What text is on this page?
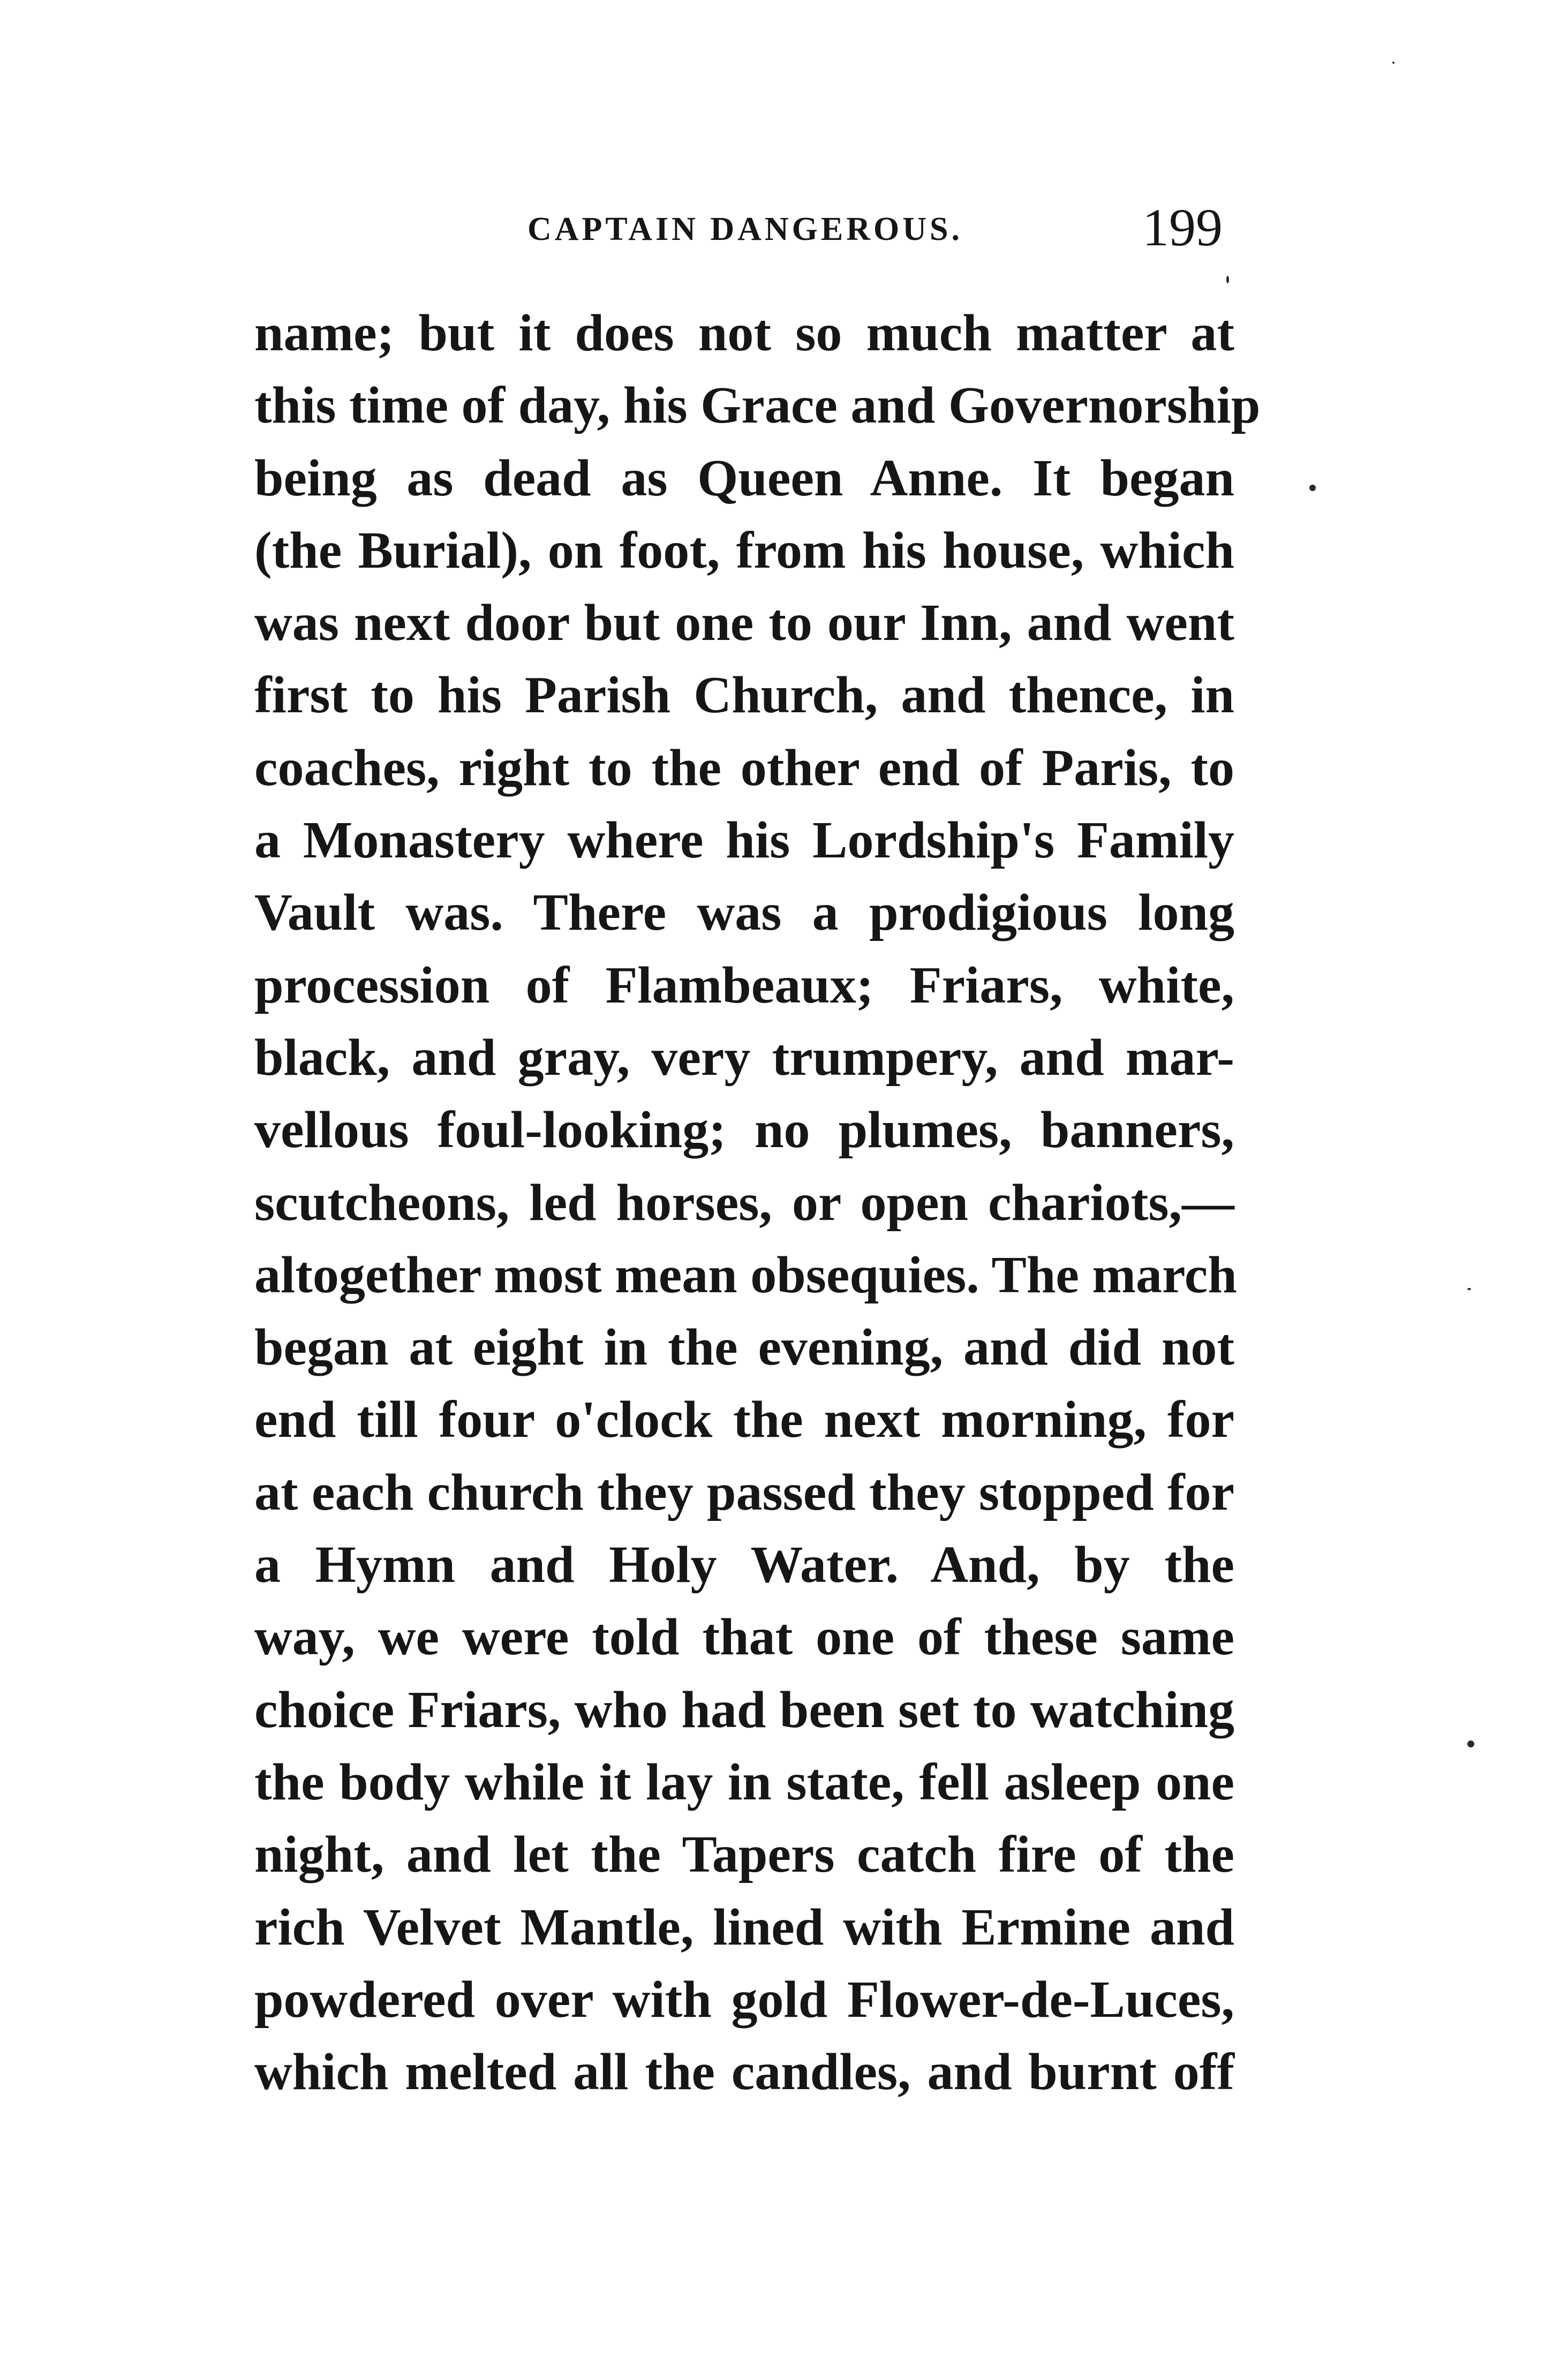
CAPTAIN DANGEROUS.	199
name; but it does not so much matter at
this time of day, his Grace and Governorship
being as dead as Queen Anne. It began
(the Burial), on foot, from his house, which
was next door but one to our Inn, and went
first to his Parish Church, and thence, in
coaches, right to the other end of Paris, to
a Monastery where his Lordship's Family
Vault was. There was a prodigious long
procession of Flambeaux; Friars, white,
black, and gray, very trumpery, and mar-
vellous foul-looking; no plumes, banners,
scutcheons, led horses, or open chariots,—
altogether most mean obsequies. The march
began at eight in the evening, and did not
end till four o'clock the next morning, for
at each church they passed they stopped for
a Hymn and Holy Water. And, by the
way, we were told that one of these same
choice Friars, who had been set to watching
the body while it lay in state, fell asleep one
night, and let the Tapers catch fire of the
rich Velvet Mantle, lined with Ermine and
powdered over with gold Flower-de-Luces,
which melted all the candles, and burnt off
